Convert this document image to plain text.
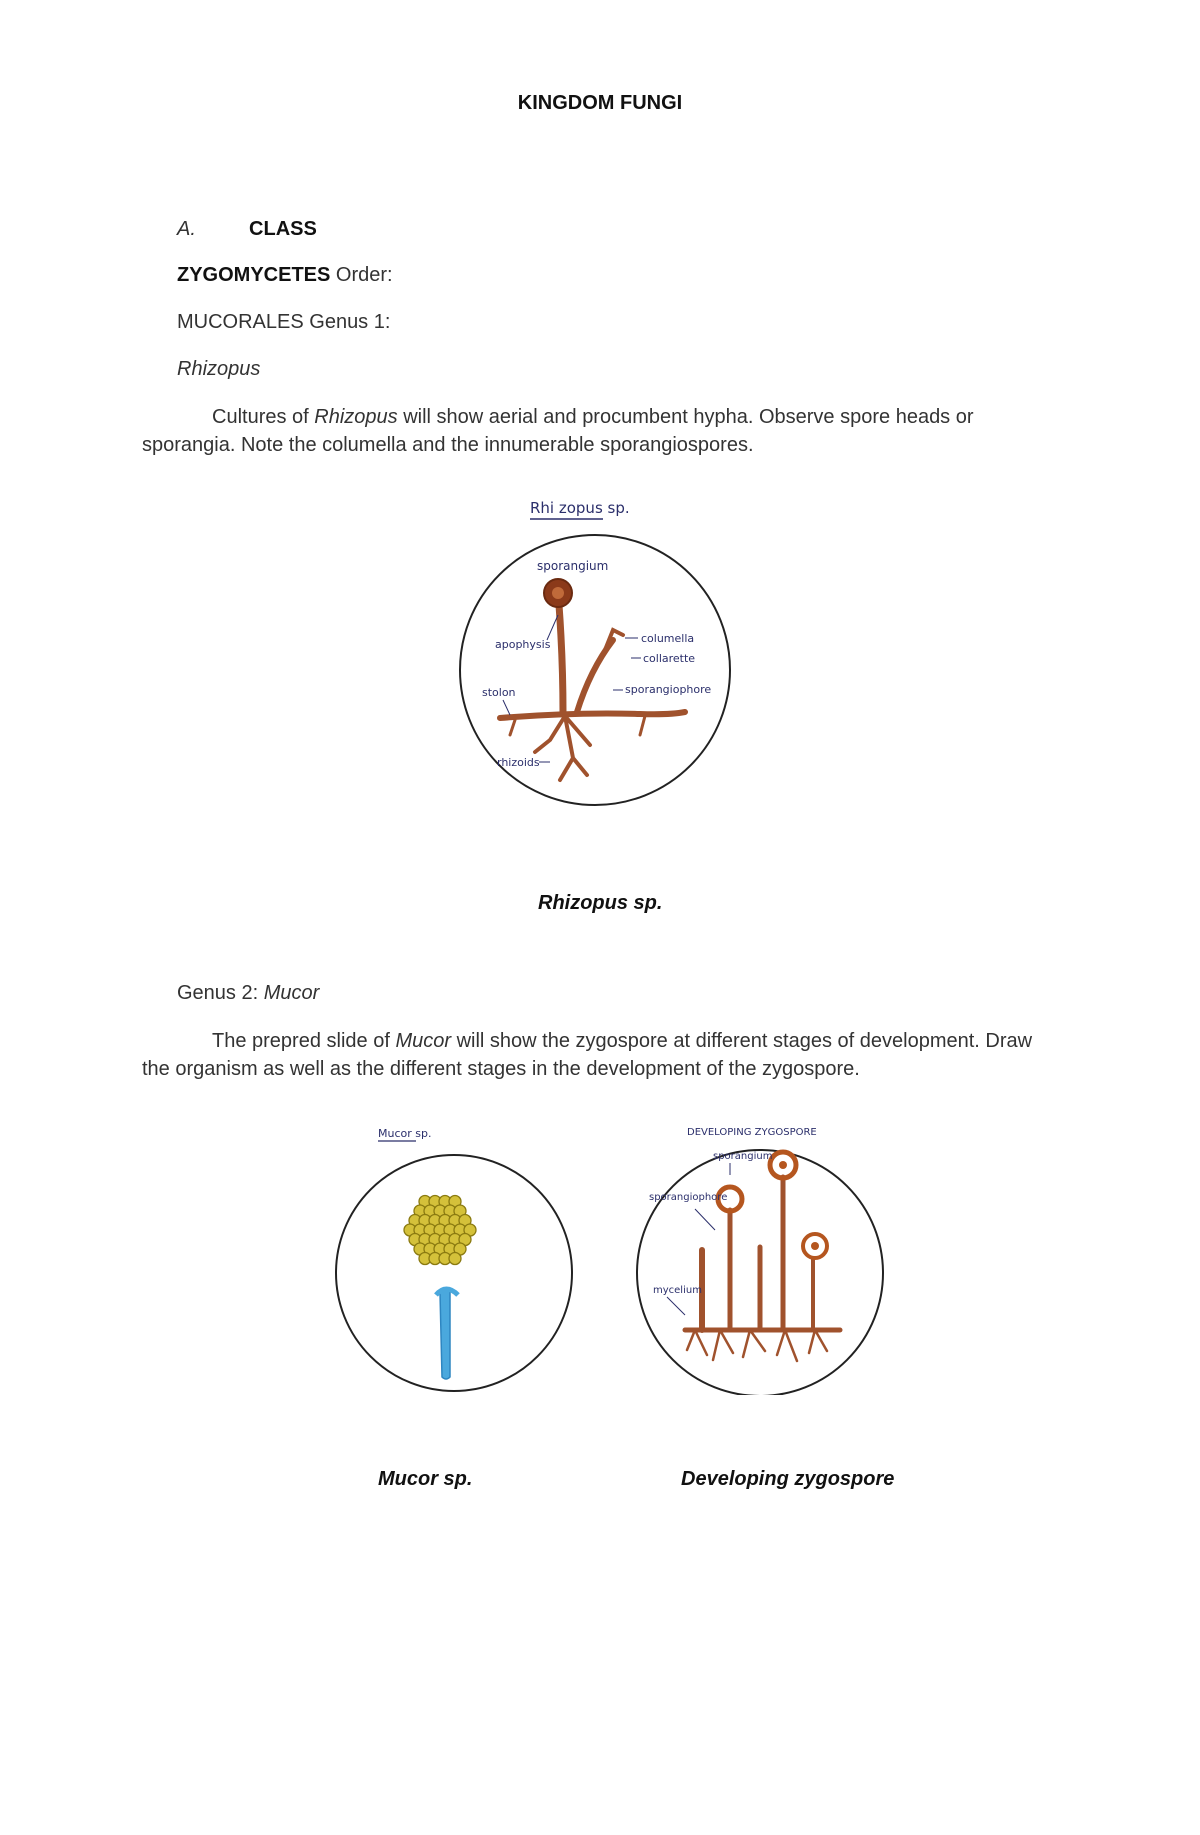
KINGDOM FUNGI
A.	CLASS
ZYGOMYCETES Order:
MUCORALES Genus 1:
Rhizopus
Cultures of Rhizopus will show aerial and procumbent hypha. Observe spore heads or sporangia. Note the columella and the innumerable sporangiospores.
Rhi zopus sp.
sporangium
apophysis	columella
collarette
sporangiophore
stolon
rhizoids
Rhizopus sp.
Genus 2: Mucor
The prepred slide of Mucor will show the zygospore at different stages of development. Draw the organism as well as the different stages in the development of the zygospore.
Mucor sp.	DEVELOPING ZYGOSPORE
sporangium
sporangiophore
mycelium
Mucor sp.	Developing zygospore
